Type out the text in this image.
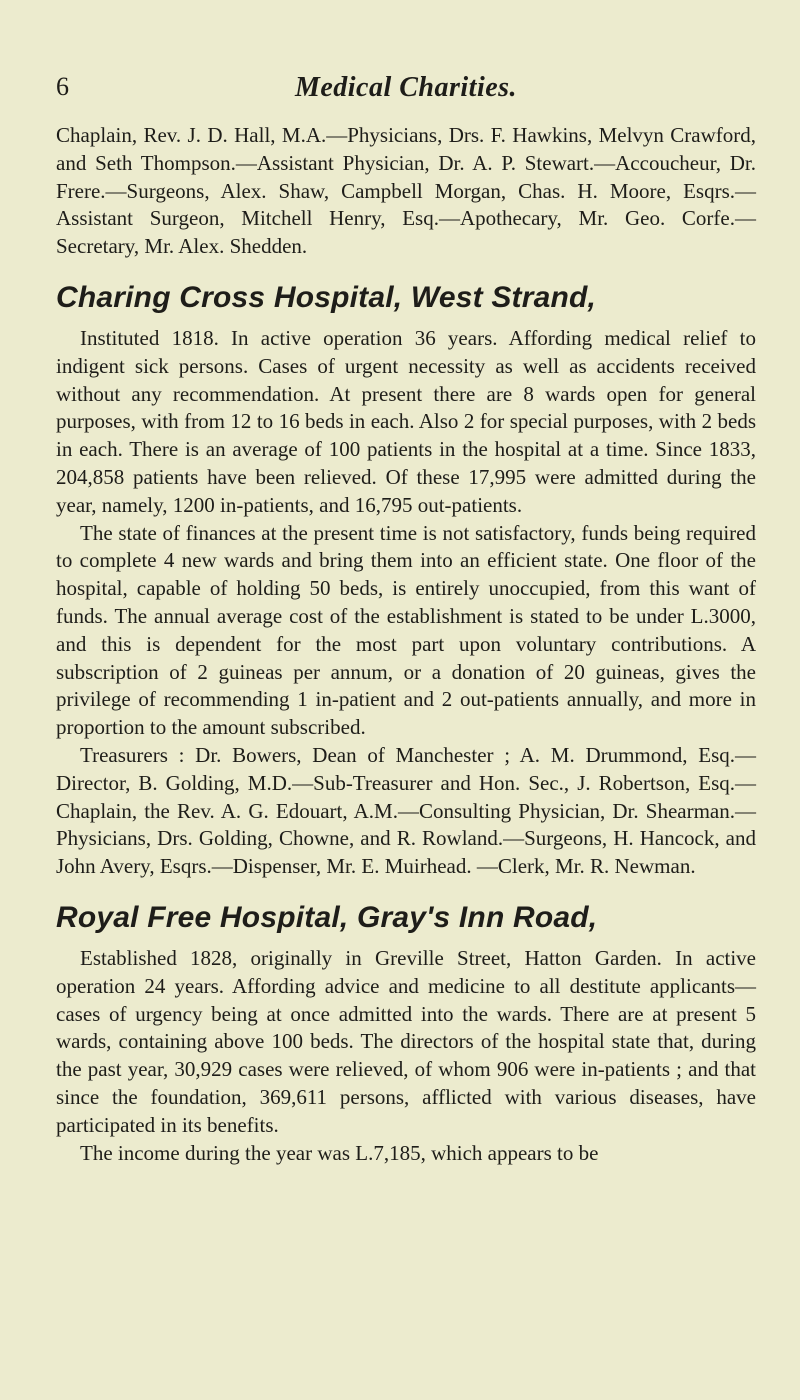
6	Medical Charities.

Chaplain, Rev. J. D. Hall, M.A.—Physicians, Drs. F. Hawkins, Melvyn Crawford, and Seth Thompson.—Assistant Physician, Dr. A. P. Stewart.—Accoucheur, Dr. Frere.—Surgeons, Alex. Shaw, Campbell Morgan, Chas. H. Moore, Esqrs.—Assistant Surgeon, Mitchell Henry, Esq.—Apothecary, Mr. Geo. Corfe.—Secretary, Mr. Alex. Shedden.

Charing Cross Hospital, West Strand,

Instituted 1818. In active operation 36 years. Affording medical relief to indigent sick persons. Cases of urgent necessity as well as accidents received without any recommendation. At present there are 8 wards open for general purposes, with from 12 to 16 beds in each. Also 2 for special purposes, with 2 beds in each. There is an average of 100 patients in the hospital at a time. Since 1833, 204,858 patients have been relieved. Of these 17,995 were admitted during the year, namely, 1200 in-patients, and 16,795 out-patients.

The state of finances at the present time is not satisfactory, funds being required to complete 4 new wards and bring them into an efficient state. One floor of the hospital, capable of holding 50 beds, is entirely unoccupied, from this want of funds. The annual average cost of the establishment is stated to be under L.3000, and this is dependent for the most part upon voluntary contributions. A subscription of 2 guineas per annum, or a donation of 20 guineas, gives the privilege of recommending 1 in-patient and 2 out-patients annually, and more in proportion to the amount subscribed.

Treasurers : Dr. Bowers, Dean of Manchester ; A. M. Drummond, Esq.—Director, B. Golding, M.D.—Sub-Treasurer and Hon. Sec., J. Robertson, Esq.— Chaplain, the Rev. A. G. Edouart, A.M.—Consulting Physician, Dr. Shearman.—Physicians, Drs. Golding, Chowne, and R. Rowland.—Surgeons, H. Hancock, and John Avery, Esqrs.—Dispenser, Mr. E. Muirhead. —Clerk, Mr. R. Newman.

Royal Free Hospital, Gray's Inn Road,

Established 1828, originally in Greville Street, Hatton Garden. In active operation 24 years. Affording advice and medicine to all destitute applicants—cases of urgency being at once admitted into the wards. There are at present 5 wards, containing above 100 beds. The directors of the hospital state that, during the past year, 30,929 cases were relieved, of whom 906 were in-patients ; and that since the foundation, 369,611 persons, afflicted with various diseases, have participated in its benefits.

The income during the year was L.7,185, which appears to be
